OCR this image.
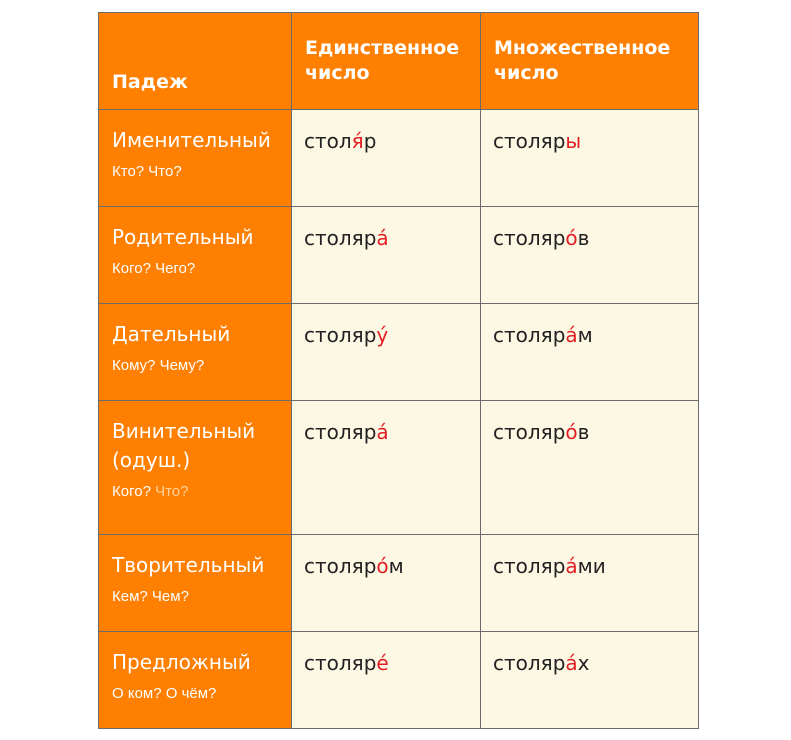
Падеж	Единственное число	Множественное число

Именительный
Кто? Что?	столя́р	столяры

Родительный
Кого? Чего?	столяра́	столяро́в

Дательный
Кому? Чему?	столяру́	столяра́м

Винительный (одуш.)
Кого? Что?	столяра́	столяро́в

Творительный
Кем? Чем?	столяро́м	столяра́ми

Предложный
О ком? О чём?	столяре́	столяра́х
